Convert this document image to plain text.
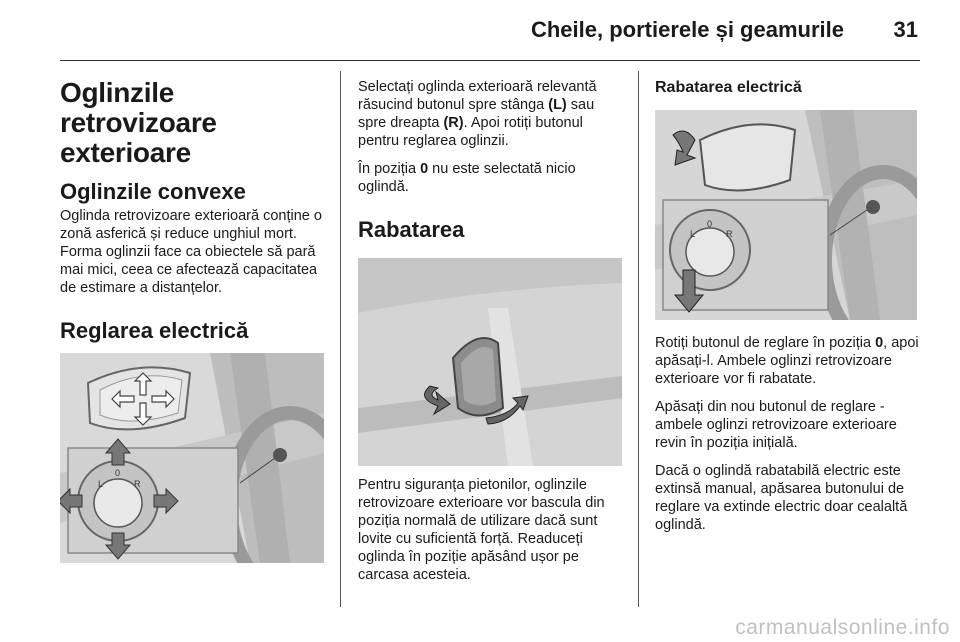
Cheile, portierele și geamurile 31
Oglinzile retrovizoare exterioare
Oglinzile convexe

Oglinda retrovizoare exterioară conține o zonă asferică și reduce unghiul mort. Forma oglinzii face ca obiectele să pară mai mici, ceea ce afectează capacitatea de estimare a distanțelor.

Reglarea electrică
L
0
R

Selectați oglinda exterioară relevantă răsucind butonul spre stânga (L) sau spre dreapta (R). Apoi rotiți butonul pentru reglarea oglinzii.

În poziția 0 nu este selectată nicio oglindă.

Rabatarea

Pentru siguranța pietonilor, oglinzile retrovizoare exterioare vor bascula din poziția normală de utilizare dacă sunt lovite cu suficientă forță. Readuceți oglinda în poziție apăsând ușor pe carcasa acesteia.

Rabatarea electrică
L
0
R

Rotiți butonul de reglare în poziția 0, apoi apăsați-l. Ambele oglinzi retrovizoare exterioare vor fi rabatate.

Apăsați din nou butonul de reglare - ambele oglinzi retrovizoare exterioare revin în poziția inițială.

Dacă o oglindă rabatabilă electric este extinsă manual, apăsarea butonului de reglare va extinde electric doar cealaltă oglindă.

carmanualsonline.info
